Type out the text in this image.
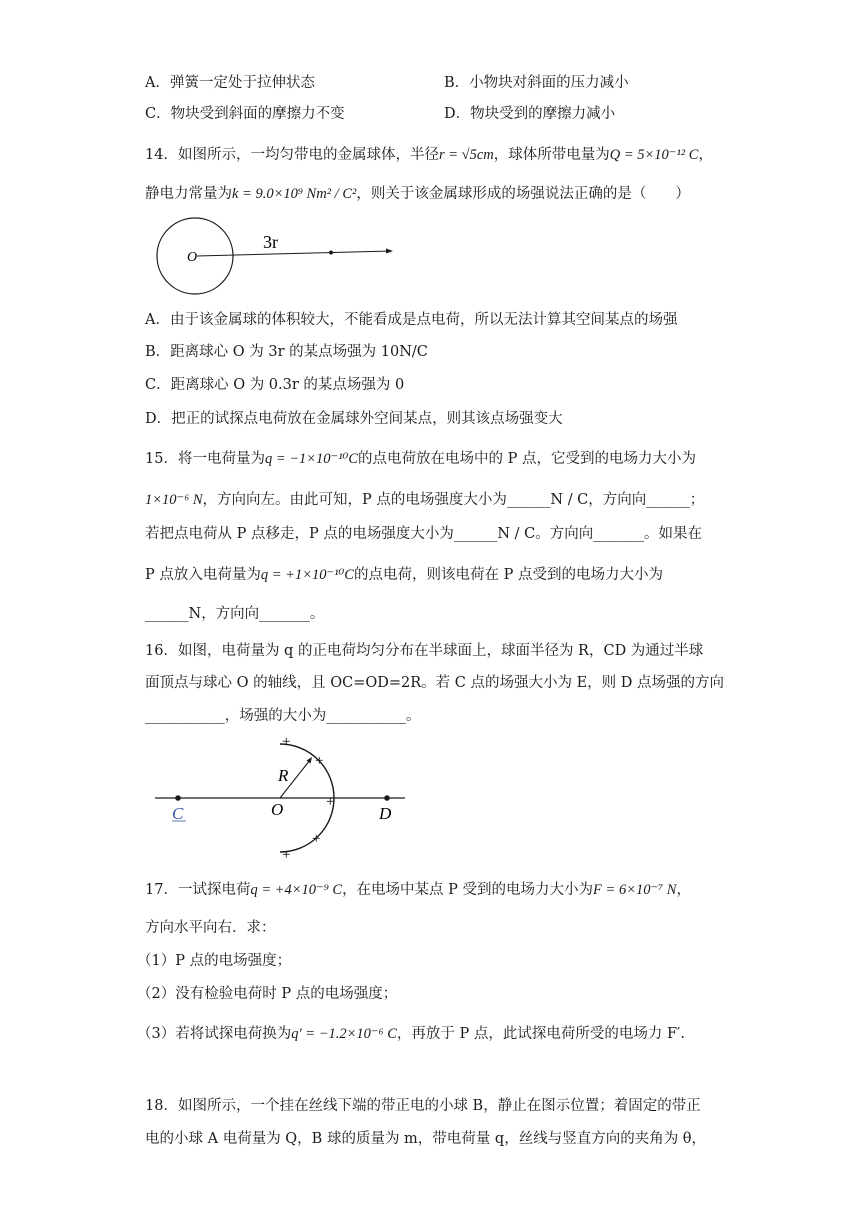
A．弹簧一定处于拉伸状态	B．小物块对斜面的压力减小
C．物块受到斜面的摩擦力不变	D．物块受到的摩擦力减小
14．如图所示，一均匀带电的金属球体，半径r = √5cm，球体所带电量为Q = 5×10⁻¹² C，
静电力常量为k = 9.0×10⁹ Nm² / C²，则关于该金属球形成的场强说法正确的是（　　）
O
3r
A．由于该金属球的体积较大，不能看成是点电荷，所以无法计算其空间某点的场强
B．距离球心 O 为 3r 的某点场强为 10N/C
C．距离球心 O 为 0.3r 的某点场强为 0
D．把正的试探点电荷放在金属球外空间某点，则其该点场强变大
15．将一电荷量为q = −1×10⁻¹⁰C的点电荷放在电场中的 P 点，它受到的电场力大小为
1×10⁻⁶ N，方向向左。由此可知，P 点的电场强度大小为______N / C，方向向______；
若把点电荷从 P 点移走，P 点的电场强度大小为______N / C。方向向_______。如果在
P 点放入电荷量为q = +1×10⁻¹⁰C的点电荷，则该电荷在 P 点受到的电场力大小为
______N，方向向_______。
16．如图，电荷量为 q 的正电荷均匀分布在半球面上，球面半径为 R，CD 为通过半球
面顶点与球心 O 的轴线，且 OC=OD=2R。若 C 点的场强大小为 E，则 D 点场强的方向
___________，场强的大小为___________。
C	O	D
R
+
+
+
+
+
17．一试探电荷q = +4×10⁻⁹ C，在电场中某点 P 受到的电场力大小为F = 6×10⁻⁷ N，
方向水平向右．求：
（1）P 点的电场强度；
（2）没有检验电荷时 P 点的电场强度；
（3）若将试探电荷换为q′ = −1.2×10⁻⁶ C，再放于 P 点，此试探电荷所受的电场力 F′.
18．如图所示，一个挂在丝线下端的带正电的小球 B，静止在图示位置；着固定的带正
电的小球 A 电荷量为 Q，B 球的质量为 m，带电荷量 q，丝线与竖直方向的夹角为 θ，
